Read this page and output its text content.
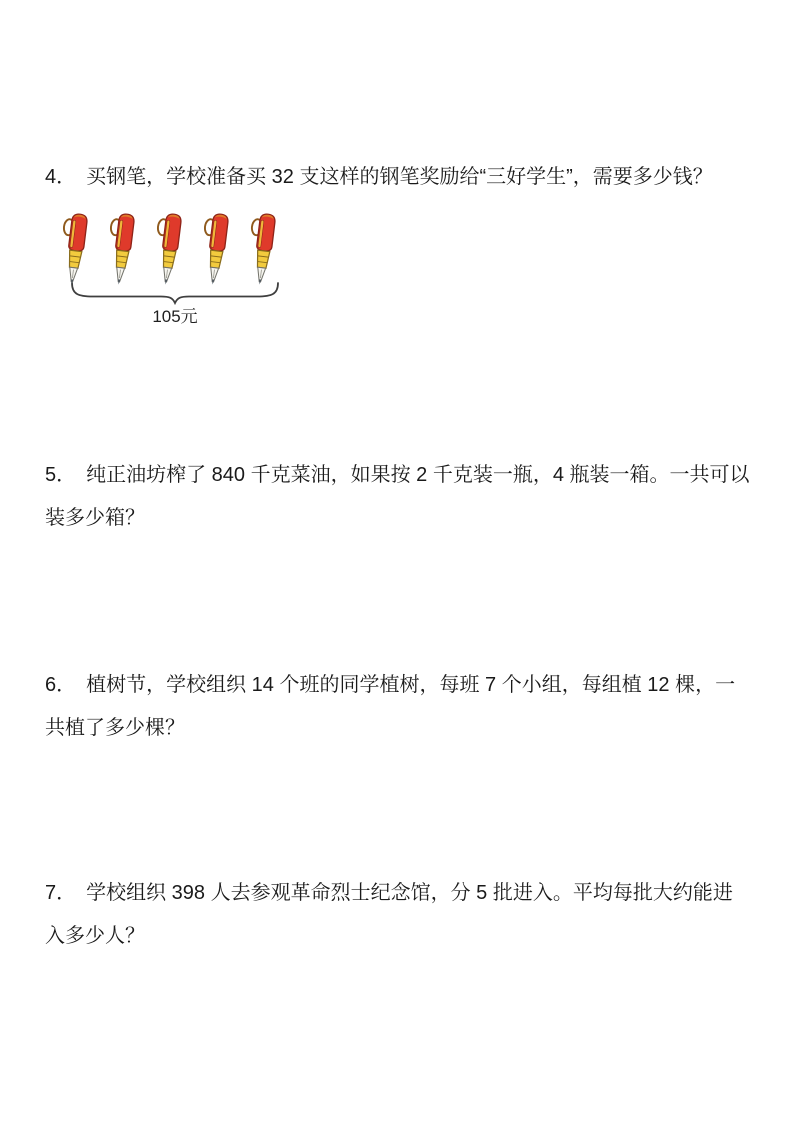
4． 买钢笔，学校准备买 32 支这样的钢笔奖励给“三好学生”，需要多少钱？

105元

5． 纯正油坊榨了 840 千克菜油，如果按 2 千克装一瓶，4 瓶装一箱。一共可以装多少箱？

6． 植树节，学校组织 14 个班的同学植树，每班 7 个小组，每组植 12 棵，一共植了多少棵？

7． 学校组织 398 人去参观革命烈士纪念馆，分 5 批进入。平均每批大约能进入多少人？
